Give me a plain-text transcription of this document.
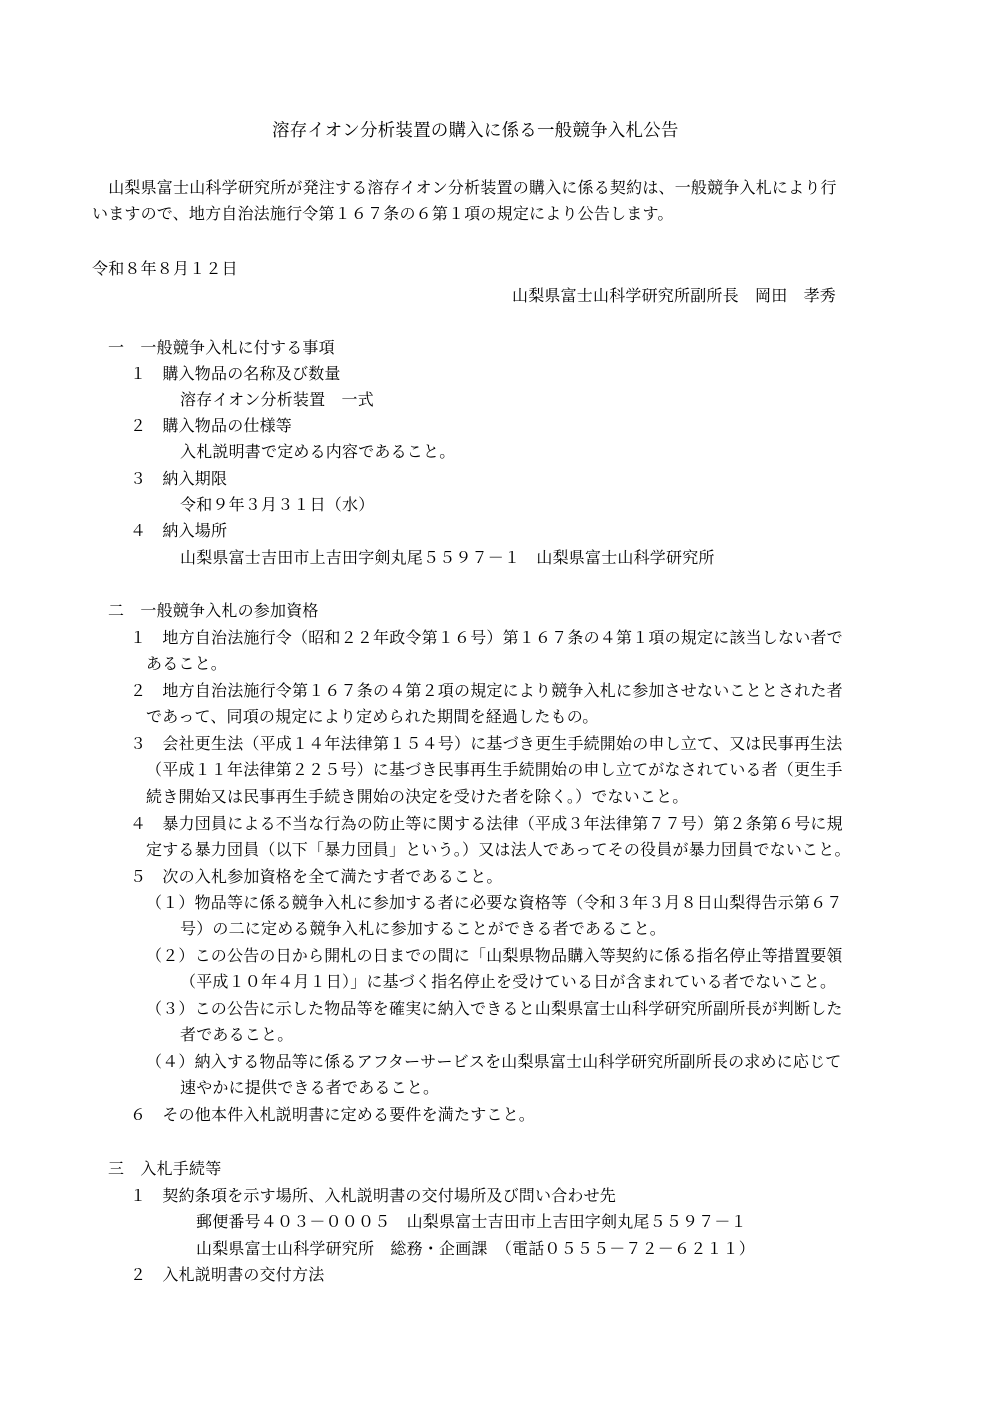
溶存イオン分析装置の購入に係る一般競争入札公告
　山梨県富士山科学研究所が発注する溶存イオン分析装置の購入に係る契約は、一般競争入札により行
いますので、地方自治法施行令第１６７条の６第１項の規定により公告します。
令和８年８月１２日
山梨県富士山科学研究所副所長　岡田　孝秀
一　一般競争入札に付する事項
１　購入物品の名称及び数量
溶存イオン分析装置　一式
２　購入物品の仕様等
入札説明書で定める内容であること。
３　納入期限
令和９年３月３１日（水）
４　納入場所
山梨県富士吉田市上吉田字剣丸尾５５９７－１　山梨県富士山科学研究所
二　一般競争入札の参加資格
１　地方自治法施行令（昭和２２年政令第１６号）第１６７条の４第１項の規定に該当しない者で
あること。
２　地方自治法施行令第１６７条の４第２項の規定により競争入札に参加させないこととされた者
であって、同項の規定により定められた期間を経過したもの。
３　会社更生法（平成１４年法律第１５４号）に基づき更生手続開始の申し立て、又は民事再生法
（平成１１年法律第２２５号）に基づき民事再生手続開始の申し立てがなされている者（更生手
続き開始又は民事再生手続き開始の決定を受けた者を除く。）でないこと。
４　暴力団員による不当な行為の防止等に関する法律（平成３年法律第７７号）第２条第６号に規
定する暴力団員（以下「暴力団員」という。）又は法人であってその役員が暴力団員でないこと。
５　次の入札参加資格を全て満たす者であること。
（１）物品等に係る競争入札に参加する者に必要な資格等（令和３年３月８日山梨得告示第６７
号）の二に定める競争入札に参加することができる者であること。
（２）この公告の日から開札の日までの間に「山梨県物品購入等契約に係る指名停止等措置要領
（平成１０年４月１日）」に基づく指名停止を受けている日が含まれている者でないこと。
（３）この公告に示した物品等を確実に納入できると山梨県富士山科学研究所副所長が判断した
者であること。
（４）納入する物品等に係るアフターサービスを山梨県富士山科学研究所副所長の求めに応じて
速やかに提供できる者であること。
６　その他本件入札説明書に定める要件を満たすこと。
三　入札手続等
１　契約条項を示す場所、入札説明書の交付場所及び問い合わせ先
郵便番号４０３－０００５　山梨県富士吉田市上吉田字剣丸尾５５９７－１
山梨県富士山科学研究所　総務・企画課　（電話０５５５－７２－６２１１）
２　入札説明書の交付方法
